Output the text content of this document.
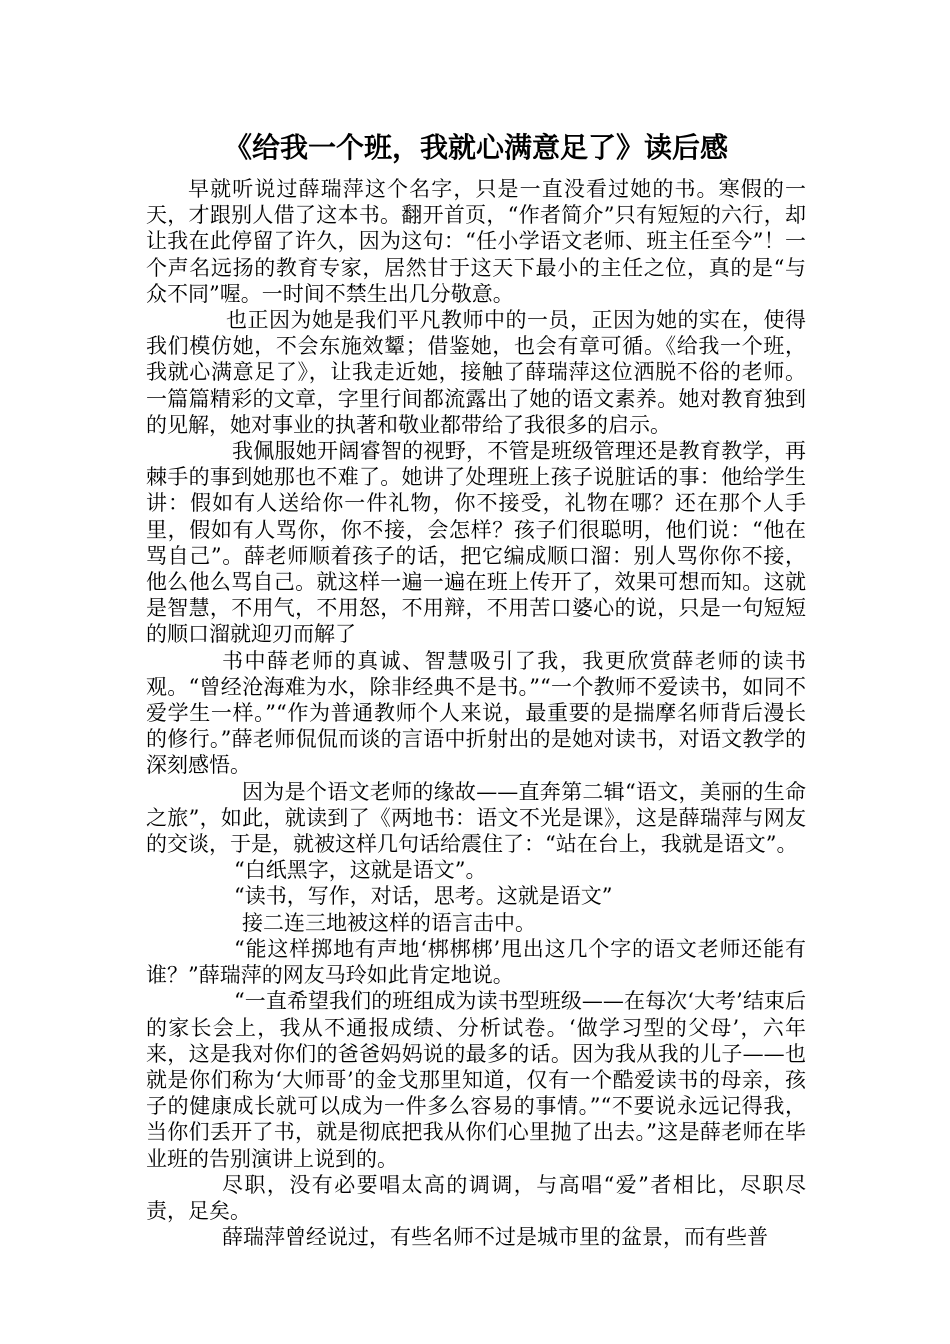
《给我一个班，我就心满意足了》读后感

早就听说过薛瑞萍这个名字，只是一直没看过她的书。寒假的一天，才跟别人借了这本书。翻开首页，“作者简介”只有短短的六行，却让我在此停留了许久，因为这句：“任小学语文老师、班主任至今”！一个声名远扬的教育专家，居然甘于这天下最小的主任之位，真的是“与众不同”喔。一时间不禁生出几分敬意。

也正因为她是我们平凡教师中的一员，正因为她的实在，使得我们模仿她，不会东施效颦；借鉴她，也会有章可循。《给我一个班，我就心满意足了》，让我走近她，接触了薛瑞萍这位洒脱不俗的老师。一篇篇精彩的文章，字里行间都流露出了她的语文素养。她对教育独到的见解，她对事业的执著和敬业都带给了我很多的启示。

我佩服她开阔睿智的视野，不管是班级管理还是教育教学，再棘手的事到她那也不难了。她讲了处理班上孩子说脏话的事：他给学生讲：假如有人送给你一件礼物，你不接受，礼物在哪？还在那个人手里，假如有人骂你，你不接，会怎样？孩子们很聪明，他们说：“他在骂自己”。薛老师顺着孩子的话，把它编成顺口溜：别人骂你你不接，他么他么骂自己。就这样一遍一遍在班上传开了，效果可想而知。这就是智慧，不用气，不用怒，不用辩，不用苦口婆心的说，只是一句短短的顺口溜就迎刃而解了

书中薛老师的真诚、智慧吸引了我，我更欣赏薛老师的读书观。“曾经沧海难为水，除非经典不是书。”“一个教师不爱读书，如同不爱学生一样。”“作为普通教师个人来说，最重要的是揣摩名师背后漫长的修行。”薛老师侃侃而谈的言语中折射出的是她对读书，对语文教学的深刻感悟。

因为是个语文老师的缘故——直奔第二辑“语文，美丽的生命之旅”，如此，就读到了《两地书：语文不光是课》，这是薛瑞萍与网友的交谈，于是，就被这样几句话给震住了：“站在台上，我就是语文”。

“白纸黑字，这就是语文”。

“读书，写作，对话，思考。这就是语文”

接二连三地被这样的语言击中。

“能这样掷地有声地‘梆梆梆’甩出这几个字的语文老师还能有谁？”薛瑞萍的网友马玲如此肯定地说。

“一直希望我们的班组成为读书型班级——在每次‘大考’结束后的家长会上，我从不通报成绩、分析试卷。‘做学习型的父母’，六年来，这是我对你们的爸爸妈妈说的最多的话。因为我从我的儿子——也就是你们称为‘大师哥’的金戈那里知道，仅有一个酷爱读书的母亲，孩子的健康成长就可以成为一件多么容易的事情。”“不要说永远记得我，当你们丢开了书，就是彻底把我从你们心里抛了出去。”这是薛老师在毕业班的告别演讲上说到的。

尽职，没有必要唱太高的调调，与高唱“爱”者相比，尽职尽责，足矣。

薛瑞萍曾经说过，有些名师不过是城市里的盆景，而有些普
